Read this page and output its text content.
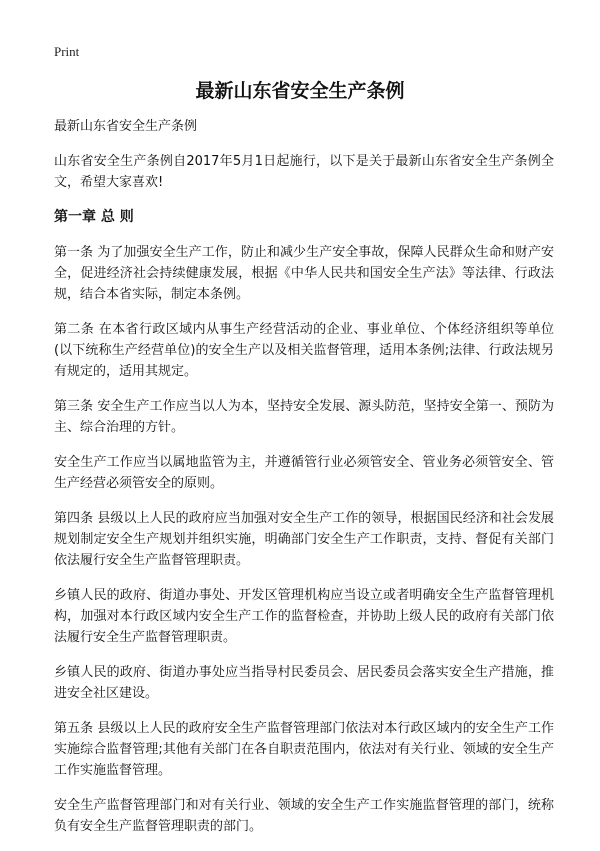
Print
最新山东省安全生产条例

最新山东省安全生产条例

山东省安全生产条例自2017年5月1日起施行，以下是关于最新山东省安全生产条例全文，希望大家喜欢!

第一章 总 则

第一条 为了加强安全生产工作，防止和减少生产安全事故，保障人民群众生命和财产安全，促进经济社会持续健康发展，根据《中华人民共和国安全生产法》等法律、行政法规，结合本省实际，制定本条例。

第二条 在本省行政区域内从事生产经营活动的企业、事业单位、个体经济组织等单位(以下统称生产经营单位)的安全生产以及相关监督管理，适用本条例;法律、行政法规另有规定的，适用其规定。

第三条 安全生产工作应当以人为本，坚持安全发展、源头防范，坚持安全第一、预防为主、综合治理的方针。

安全生产工作应当以属地监管为主，并遵循管行业必须管安全、管业务必须管安全、管生产经营必须管安全的原则。

第四条 县级以上人民的政府应当加强对安全生产工作的领导，根据国民经济和社会发展规划制定安全生产规划并组织实施，明确部门安全生产工作职责，支持、督促有关部门依法履行安全生产监督管理职责。

乡镇人民的政府、街道办事处、开发区管理机构应当设立或者明确安全生产监督管理机构，加强对本行政区域内安全生产工作的监督检查，并协助上级人民的政府有关部门依法履行安全生产监督管理职责。

乡镇人民的政府、街道办事处应当指导村民委员会、居民委员会落实安全生产措施，推进安全社区建设。

第五条 县级以上人民的政府安全生产监督管理部门依法对本行政区域内的安全生产工作实施综合监督管理;其他有关部门在各自职责范围内，依法对有关行业、领域的安全生产工作实施监督管理。

安全生产监督管理部门和对有关行业、领域的安全生产工作实施监督管理的部门，统称负有安全生产监督管理职责的部门。
